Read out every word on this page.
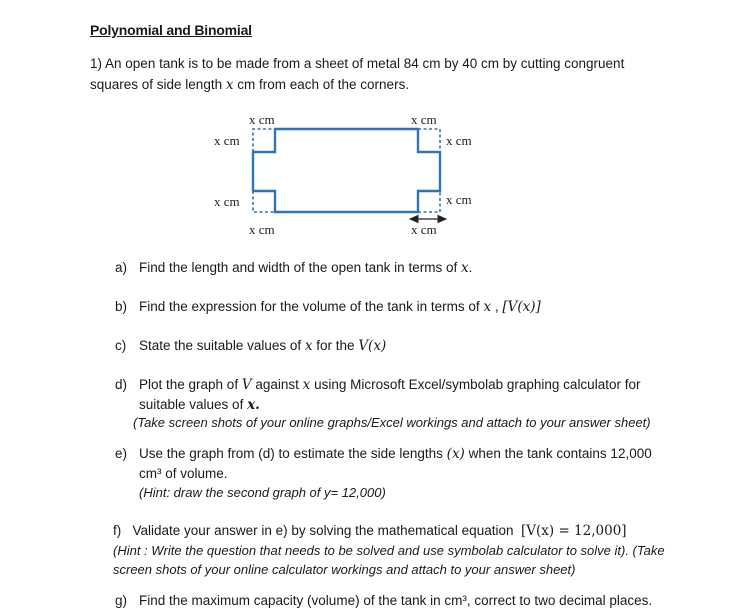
Polynomial and Binomial
1) An open tank is to be made from a sheet of metal 84 cm by 40 cm by cutting congruent
squares of side length x cm from each of the corners.
x cm	x cm
x cm	x cm
x cm	x cm
x cm	x cm
a) Find the length and width of the open tank in terms of x.
b) Find the expression for the volume of the tank in terms of x , [V(x)]
c) State the suitable values of x for the V(x)
d) Plot the graph of V against x using Microsoft Excel/symbolab graphing calculator for
suitable values of x.
(Take screen shots of your online graphs/Excel workings and attach to your answer sheet)
e) Use the graph from (d) to estimate the side lengths (x) when the tank contains 12,000
cm³ of volume.
(Hint: draw the second graph of y= 12,000)
f) Validate your answer in e) by solving the mathematical equation [V(x) = 12,000]
(Hint : Write the question that needs to be solved and use symbolab calculator to solve it). (Take
screen shots of your online calculator workings and attach to your answer sheet)
g) Find the maximum capacity (volume) of the tank in cm³, correct to two decimal places.
